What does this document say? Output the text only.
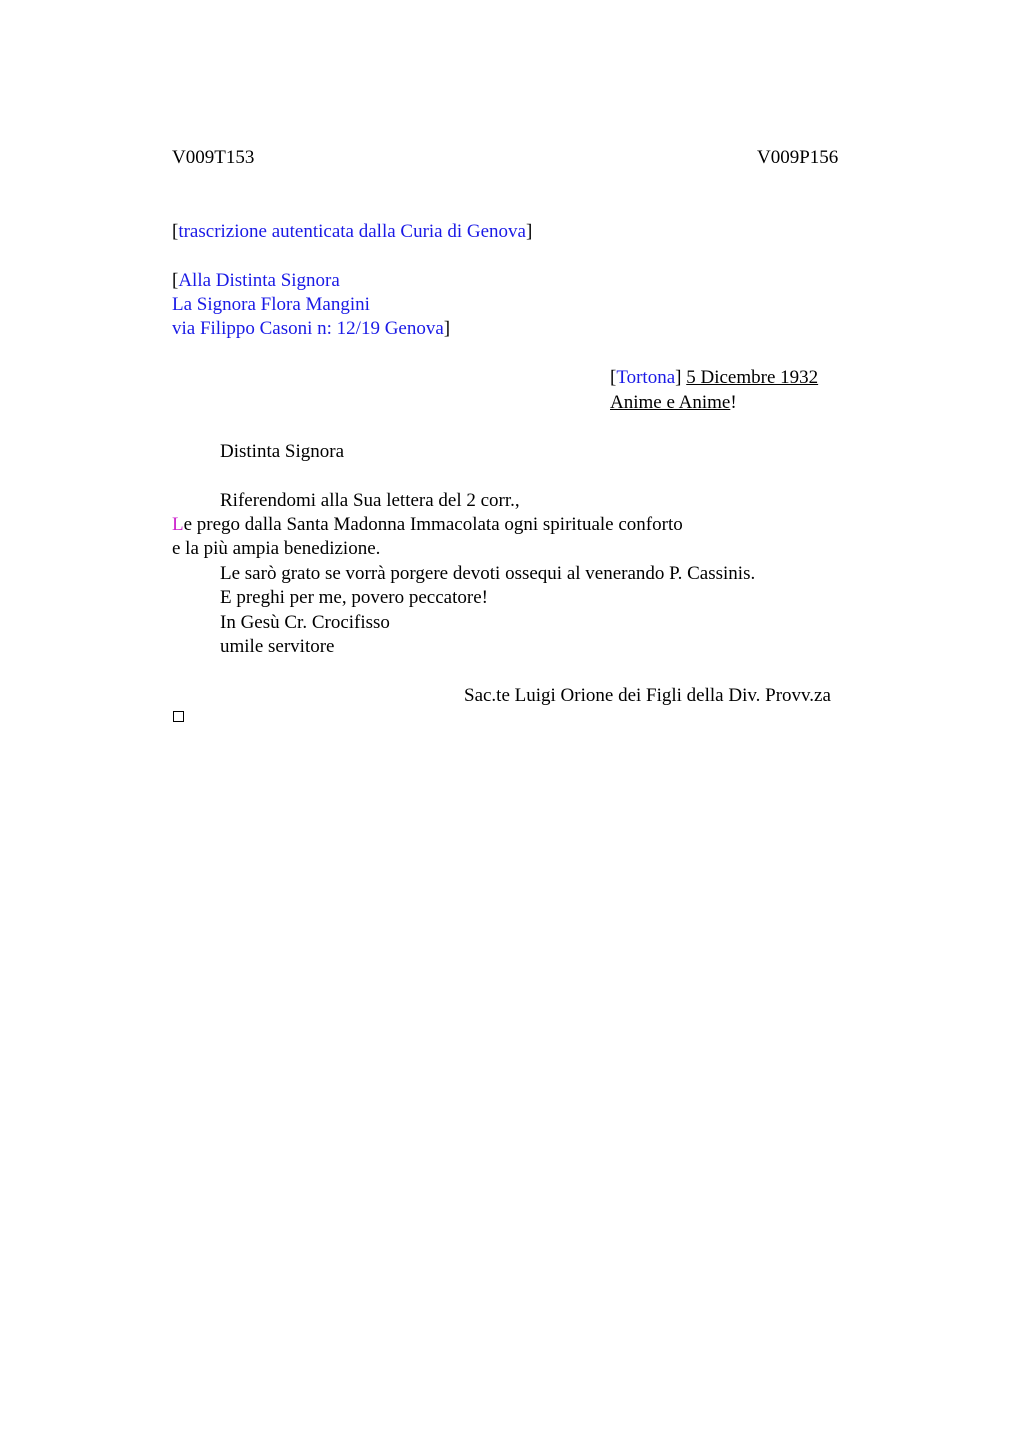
V009T153	V009P156
[trascrizione autenticata dalla Curia di Genova]
[Alla Distinta Signora
La Signora Flora Mangini
via Filippo Casoni n: 12/19 Genova]
[Tortona] 5 Dicembre 1932
Anime e Anime!
Distinta Signora
Riferendomi alla Sua lettera del 2 corr.,
Le prego dalla Santa Madonna Immacolata ogni spirituale conforto
e la più ampia benedizione.
Le sarò grato se vorrà porgere devoti ossequi al venerando P. Cassinis.
E preghi per me, povero peccatore!
In Gesù Cr. Crocifisso
umile servitore
Sac.te Luigi Orione dei Figli della Div. Provv.za
